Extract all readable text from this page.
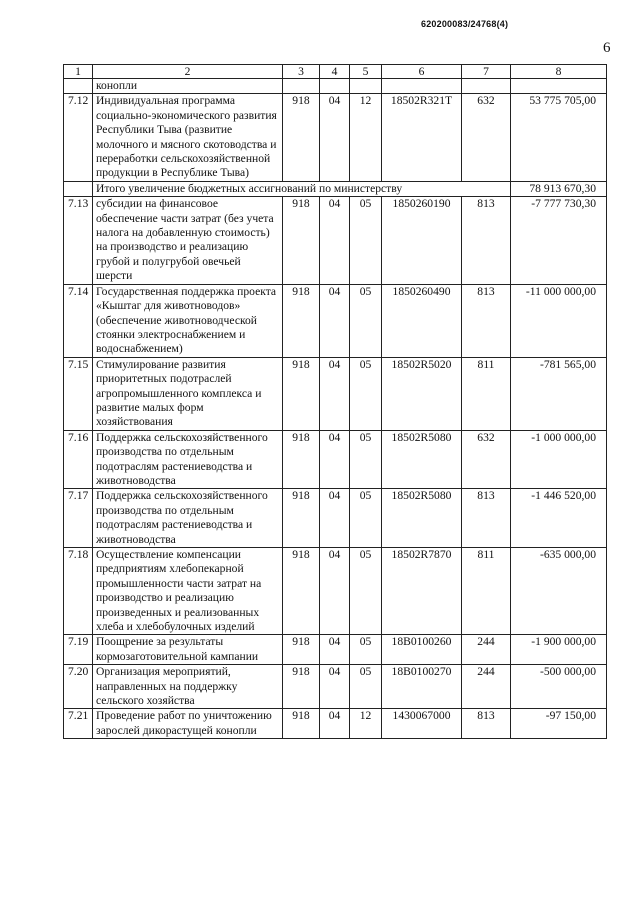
620200083/24768(4)
6
1	2	3	4	5	6	7	8
	конопли						
7.12	Индивидуальная программа социально-экономического развития Республики Тыва (развитие молочного и мясного скотоводства и переработки сельскохозяйственной продукции в Республике Тыва)	918	04	12	18502R321T	632	53 775 705,00
	Итого увеличение бюджетных ассигнований по министерству						78 913 670,30
7.13	субсидии на финансовое обеспечение части затрат (без учета налога на добавленную стоимость) на производство и реализацию грубой и полугрубой овечьей шерсти	918	04	05	1850260190	813	-7 777 730,30
7.14	Государственная поддержка проекта «Кыштаг для животноводов» (обеспечение животноводческой стоянки электроснабжением и водоснабжением)	918	04	05	1850260490	813	-11 000 000,00
7.15	Стимулирование развития приоритетных подотраслей агропромышленного комплекса и развитие малых форм хозяйствования	918	04	05	18502R5020	811	-781 565,00
7.16	Поддержка сельскохозяйственного производства по отдельным подотраслям растениеводства и животноводства	918	04	05	18502R5080	632	-1 000 000,00
7.17	Поддержка сельскохозяйственного производства по отдельным подотраслям растениеводства и животноводства	918	04	05	18502R5080	813	-1 446 520,00
7.18	Осуществление компенсации предприятиям хлебопекарной промышленности части затрат на производство и реализацию произведенных и реализованных хлеба и хлебобулочных изделий	918	04	05	18502R7870	811	-635 000,00
7.19	Поощрение за результаты кормозаготовительной кампании	918	04	05	18B0100260	244	-1 900 000,00
7.20	Организация мероприятий, направленных на поддержку сельского хозяйства	918	04	05	18B0100270	244	-500 000,00
7.21	Проведение работ по уничтожению зарослей дикорастущей конопли	918	04	12	1430067000	813	-97 150,00
